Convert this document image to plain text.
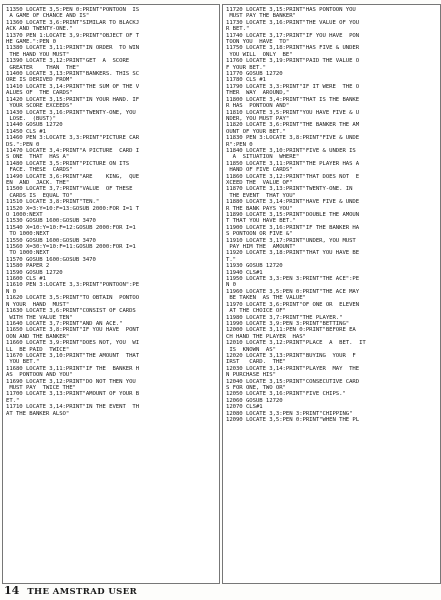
11350 LOCATE 3,5:PEN 0:PRINT"PONTOON  IS
A GAME OF CHANCE AND IS"
11360 LOCATE 3,6:PRINT"SIMILAR TO BLACKJ
ACK AND TWENTY-ONE."
11370 PEN 1:LOCATE 3,9:PRINT"OBJECT OF T
HE GAME.":PEN 0
11380 LOCATE 3,11:PRINT"IN ORDER  TO WIN
THE HAND YOU MUST"
11390 LOCATE 3,12:PRINT"GET  A  SCORE
GREATER    THAN  THE"
11400 LOCATE 3,13:PRINT"BANKERS. THIS SC
ORE IS DERIVED FROM"
11410 LOCATE 3,14:PRINT"THE SUM OF THE V
ALUES OF  THE CARDS"
11420 LOCATE 3,15:PRINT"IN YOUR HAND. IF
YOUR SCORE EXCEEDS"
11430 LOCATE 3,16:PRINT"TWENTY-ONE, YOU
LOSE.  (BUST)"
11440 GOSUB 12720
11450 CLS #1
11460 PEN 3:LOCATE 3,3:PRINT"PICTURE CAR
DS.":PEN 0
11470 LOCATE 3,4:PRINT"A PICTURE  CARD I
S ONE  THAT  HAS A"
11480 LOCATE 3,5:PRINT"PICTURE ON ITS
FACE. THESE  CARDS"
11490 LOCATE 3,6:PRINT"ARE    KING,  QUE
EN  AND  JACK. THE"
11500 LOCATE 3,7:PRINT"VALUE  OF THESE
CARDS IS  EQUAL TO"
11510 LOCATE 3,8:PRINT"TEN."
11520 X=3:Y=10:F=13:GOSUB 2000:FOR I=1 T
O 1000:NEXT
11530 GOSUB 1600:GOSUB 3470
11540 X=10:Y=10:F=12:GOSUB 2000:FOR I=1
TO 1000:NEXT
11550 GOSUB 1600:GOSUB 3470
11560 X=30:Y=10:F=11:GOSUB 2000:FOR I=1
TO 1000:NEXT
11570 GOSUB 1600:GOSUB 3470
11580 PAPER 2
11590 GOSUB 12720
11600 CLS #1
11610 PEN 3:LOCATE 3,3:PRINT"PONTOON":PE
N 0
11620 LOCATE 3,5:PRINT"TO OBTAIN  PONTOO
N YOUR  HAND  MUST"
11630 LOCATE 3,6:PRINT"CONSIST OF CARDS
WITH THE VALUE TEN"
11640 LOCATE 3,7:PRINT"AND AN ACE."
11650 LOCATE 3,8:PRINT"IF YOU HAVE  PONT
OON AND THE BANKER"
11660 LOCATE 3,9:PRINT"DOES NOT, YOU  WI
LL  BE PAID  TWICE"
11670 LOCATE 3,10:PRINT"THE AMOUNT  THAT
YOU BET."
11680 LOCATE 3,11:PRINT"IF THE  BANKER H
AS  PONTOON AND YOU"
11690 LOCATE 3,12:PRINT"DO NOT THEN YOU
MUST PAY  TWICE THE"
11700 LOCATE 3,13:PRINT"AMOUNT OF YOUR B
ET."
11710 LOCATE 3,14:PRINT"IN THE EVENT  TH
AT THE BANKER ALSO"
11720 LOCATE 3,15:PRINT"HAS PONTOON YOU
MUST PAY THE BANKER"
11730 LOCATE 3,16:PRINT"THE VALUE OF YOU
R BET."
11740 LOCATE 3,17:PRINT"IF YOU HAVE  PON
TOON YOU  HAVE  TO"
11750 LOCATE 3,18:PRINT"HAS FIVE & UNDER
YOU WILL  ONLY  BE"
11760 LOCATE 3,19:PRINT"PAID THE VALUE O
F YOUR BET."
11770 GOSUB 12720
11780 CLS #1
11790 LOCATE 3,3:PRINT"IF IT WERE  THE O
THER  WAY  AROUND,"
11800 LOCATE 3,4:PRINT"THAT IS THE BANKE
R HAS  PONTOON AND"
11810 LOCATE 3,5:PRINT"YOU HAVE FIVE & U
NDER, YOU MUST PAY"
11820 LOCATE 3,6:PRINT"THE BANKER THE AM
OUNT OF YOUR BET."
11830 PEN 3:LOCATE 3,8:PRINT"FIVE & UNDE
R":PEN 0
11840 LOCATE 3,10:PRINT"FIVE & UNDER IS
A  SITUATION  WHERE"
11850 LOCATE 3,11:PRINT"THE PLAYER HAS A
HAND OF FIVE CARDS"
11860 LOCATE 3,12:PRINT"THAT DOES NOT  E
XCEED THE  VALUE OF"
11870 LOCATE 3,13:PRINT"TWENTY-ONE. IN
THE EVENT  THAT YOU"
11880 LOCATE 3,14:PRINT"HAVE FIVE & UNDE
R THE BANK PAYS YOU"
11890 LOCATE 3,15:PRINT"DOUBLE THE AMOUN
T THAT YOU HAVE BET."
11900 LOCATE 3,16:PRINT"IF THE BANKER HA
S PONTOON OR FIVE &"
11910 LOCATE 3,17:PRINT"UNDER, YOU MUST
PAY HIM THE  AMOUNT"
11920 LOCATE 3,18:PRINT"THAT YOU HAVE BE
T."
11930 GOSUB 12720
11940 CLS#1
11950 LOCATE 3,3:PEN 3:PRINT"THE ACE":PE
N 0
11960 LOCATE 3,5:PEN 0:PRINT"THE ACE MAY
BE TAKEN  AS THE VALUE"
11970 LOCATE 3,6:PRINT"OF ONE OR  ELEVEN
AT THE CHOICE OF"
11980 LOCATE 3,7:PRINT"THE PLAYER."
11990 LOCATE 3,9:PEN 3:PRINT"BETTING"
12000 LOCATE 3,11:PEN 0:PRINT"BEFORE EA
CH HAND THE PLAYER  HAS"
12010 LOCATE 3,12:PRINT"PLACE  A  BET.  IT
IS  KNOWN  AS"
12020 LOCATE 3,13:PRINT"BUYING  YOUR  F
IRST   CARD.  THE"
12030 LOCATE 3,14:PRINT"PLAYER  MAY  THE
N PURCHASE HIS"
12040 LOCATE 3,15:PRINT"CONSECUTIVE CARD
S FOR ONE, TWO OR"
12050 LOCATE 3,16:PRINT"FIVE CHIPS."
12060 GOSUB 12720
12070 CLS#1
12080 LOCATE 3,3:PEN 3:PRINT"CHIPPING"
12090 LOCATE 3,5:PEN 0:PRINT"WHEN THE PL
14 THE AMSTRAD USER
